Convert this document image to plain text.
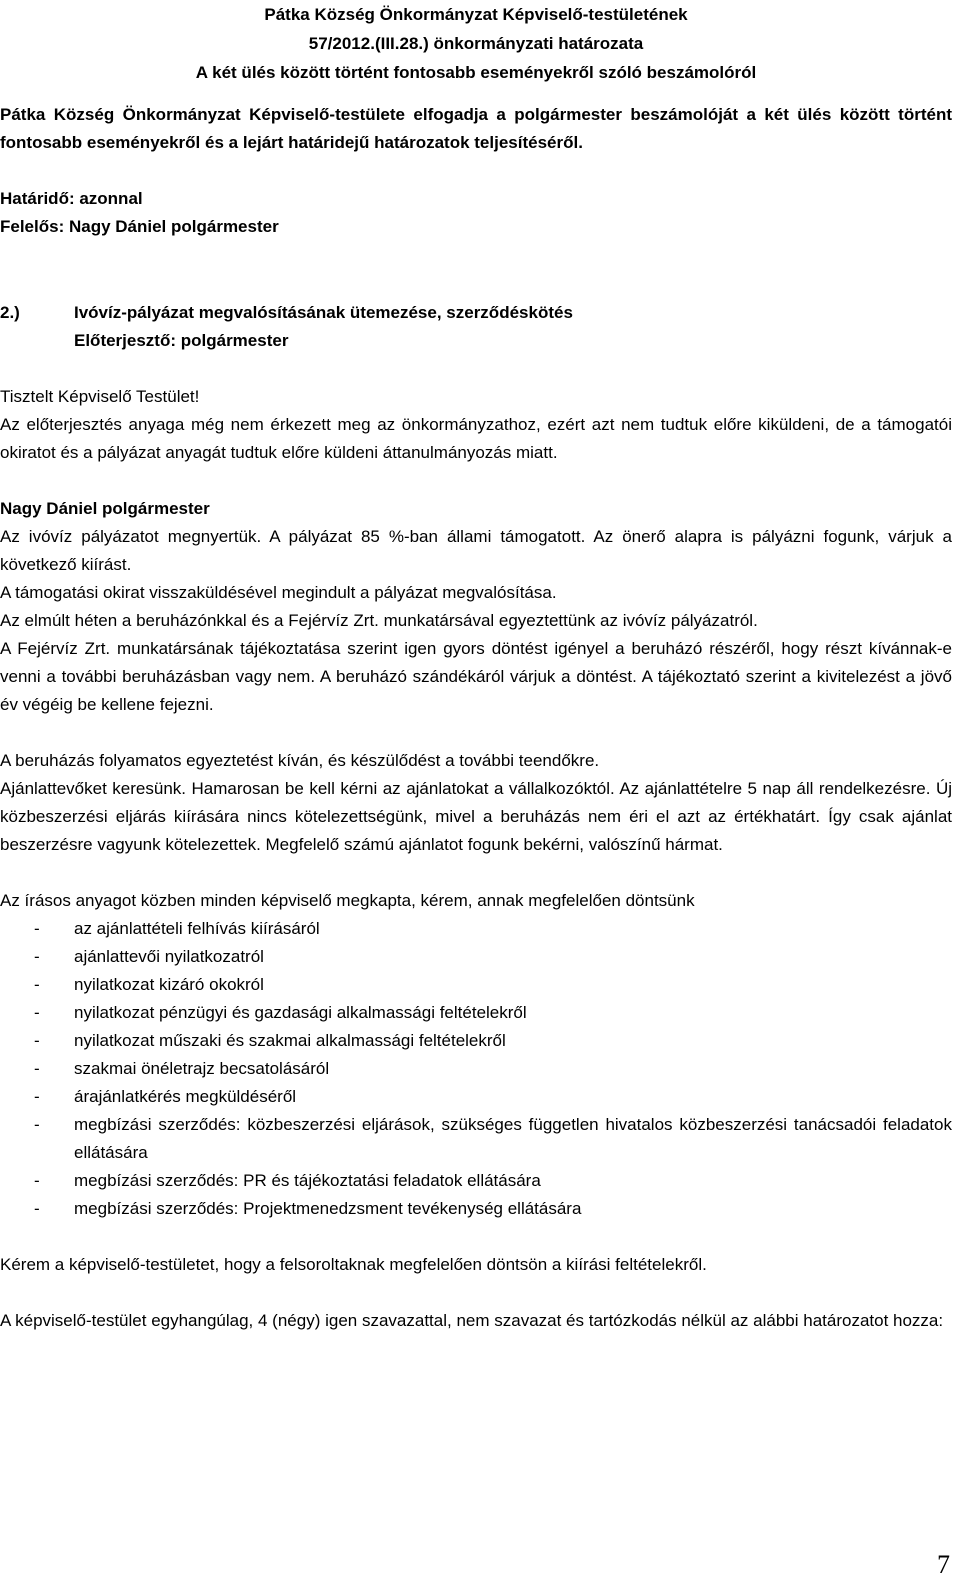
Pátka Község Önkormányzat Képviselő-testületének
57/2012.(III.28.) önkormányzati határozata
A két ülés között történt fontosabb eseményekről szóló beszámolóról

Pátka Község Önkormányzat Képviselő-testülete elfogadja a polgármester beszámolóját a két ülés között történt fontosabb eseményekről és a lejárt határidejű határozatok teljesítéséről.

Határidő: azonnal

Felelős: Nagy Dániel polgármester

2.)	Ivóvíz-pályázat megvalósításának ütemezése, szerződéskötés
Előterjesztő: polgármester

Tisztelt Képviselő Testület!

Az előterjesztés anyaga még nem érkezett meg az önkormányzathoz, ezért azt nem tudtuk előre kiküldeni, de a támogatói okiratot és a pályázat anyagát tudtuk előre küldeni áttanulmányozás miatt.

Nagy Dániel polgármester

Az ivóvíz pályázatot megnyertük. A pályázat 85 %-ban állami támogatott. Az önerő alapra is pályázni fogunk, várjuk a következő kiírást.

A támogatási okirat visszaküldésével megindult a pályázat megvalósítása.

Az elmúlt héten a beruházónkkal és a Fejérvíz Zrt. munkatársával egyeztettünk az ivóvíz pályázatról.

A Fejérvíz Zrt. munkatársának tájékoztatása szerint igen gyors döntést igényel a beruházó részéről, hogy részt kívánnak-e venni a további beruházásban vagy nem. A beruházó szándékáról várjuk a döntést. A tájékoztató szerint a kivitelezést a jövő év végéig be kellene fejezni.

A beruházás folyamatos egyeztetést kíván, és készülődést a további teendőkre.

Ajánlattevőket keresünk. Hamarosan be kell kérni az ajánlatokat a vállalkozóktól. Az ajánlattételre 5 nap áll rendelkezésre. Új közbeszerzési eljárás kiírására nincs kötelezettségünk, mivel a beruházás nem éri el azt az értékhatárt. Így csak ajánlat beszerzésre vagyunk kötelezettek. Megfelelő számú ajánlatot fogunk bekérni, valószínű hármat.

Az írásos anyagot közben minden képviselő megkapta, kérem, annak megfelelően döntsünk

-	az ajánlattételi felhívás kiírásáról
-	ajánlattevői nyilatkozatról
-	nyilatkozat kizáró okokról
-	nyilatkozat pénzügyi és gazdasági alkalmassági feltételekről
-	nyilatkozat műszaki és szakmai alkalmassági feltételekről
-	szakmai önéletrajz becsatolásáról
-	árajánlatkérés megküldéséről
-	megbízási szerződés: közbeszerzési eljárások, szükséges független hivatalos közbeszerzési tanácsadói feladatok ellátására
-	megbízási szerződés: PR és tájékoztatási feladatok ellátására
-	megbízási szerződés: Projektmenedzsment tevékenység ellátására

Kérem a képviselő-testületet, hogy a felsoroltaknak megfelelően döntsön a kiírási feltételekről.

A képviselő-testület egyhangúlag, 4 (négy) igen szavazattal, nem szavazat és tartózkodás nélkül az alábbi határozatot hozza:

7
